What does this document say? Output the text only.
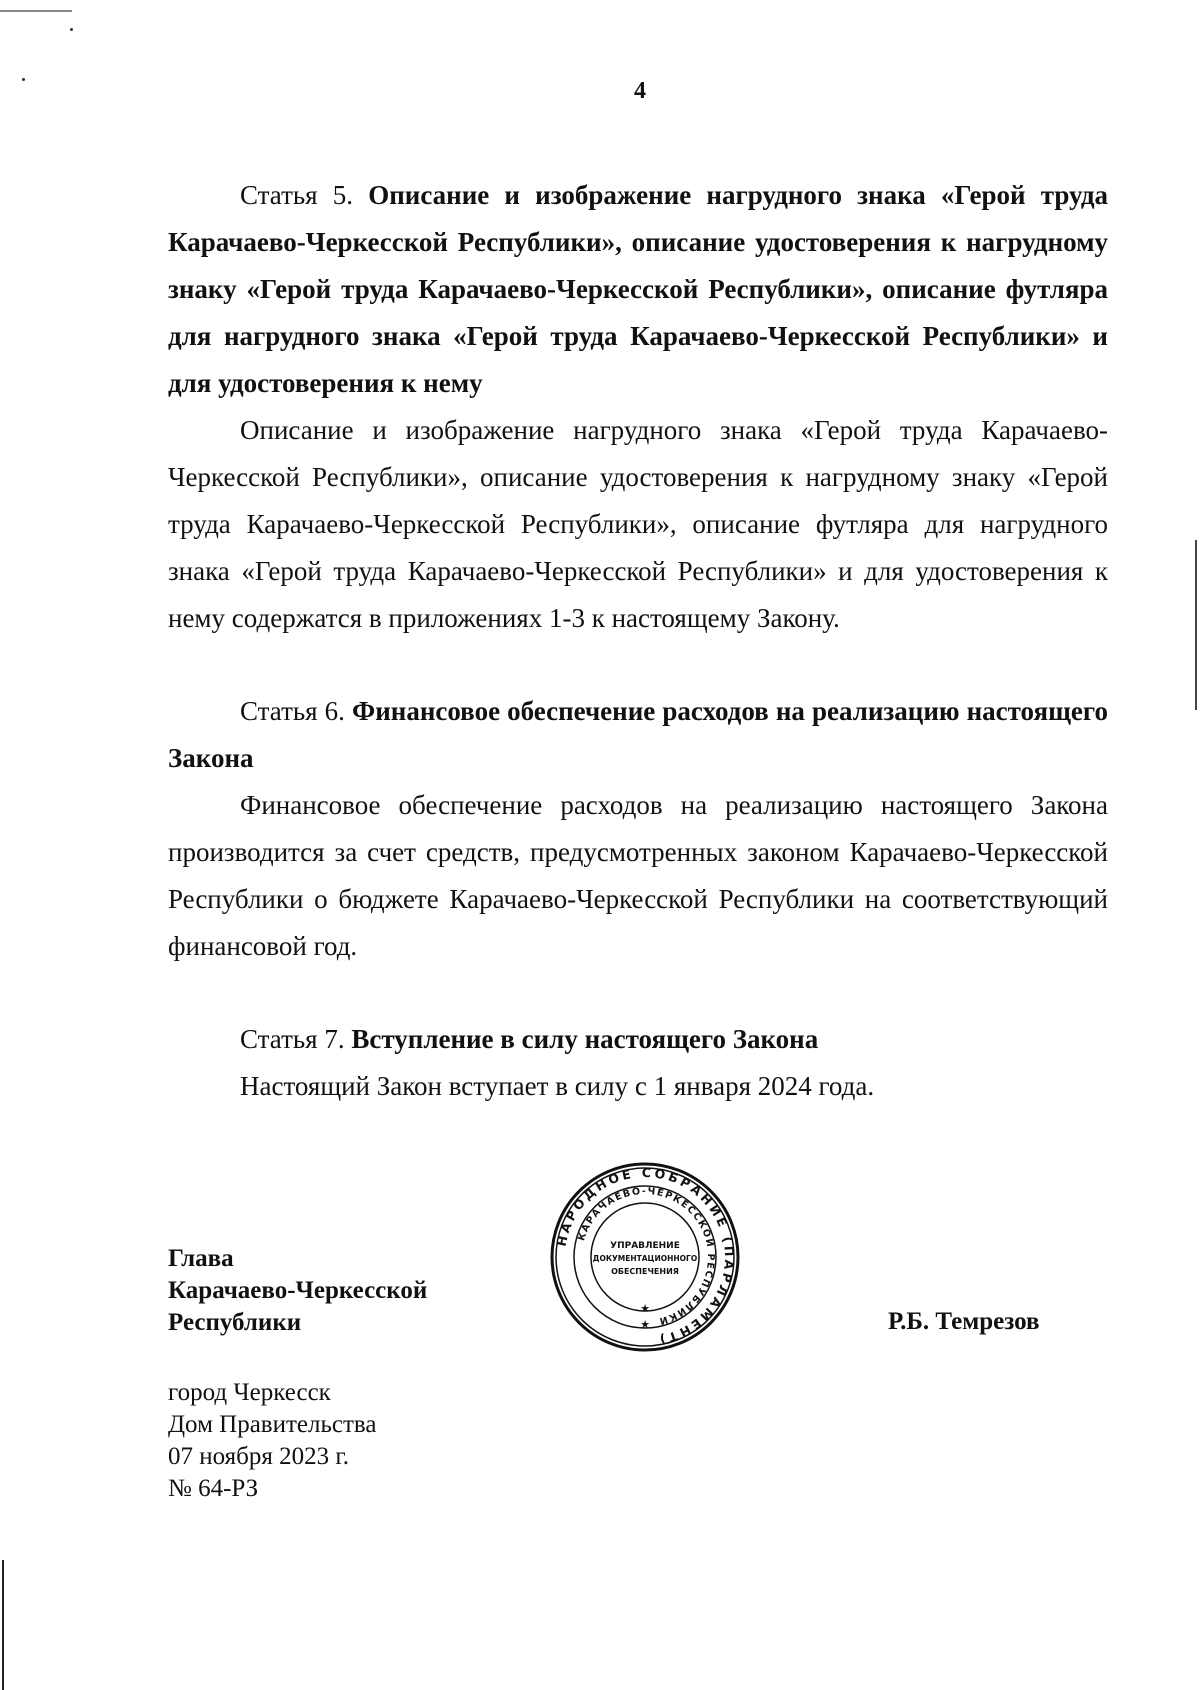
4

Статья 5. Описание и изображение нагрудного знака «Герой труда Карачаево-Черкесской Республики», описание удостоверения к нагрудному знаку «Герой труда Карачаево-Черкесской Республики», описание футляра для нагрудного знака «Герой труда Карачаево-Черкесской Республики» и для удостоверения к нему

Описание и изображение нагрудного знака «Герой труда Карачаево-Черкесской Республики», описание удостоверения к нагрудному знаку «Герой труда Карачаево-Черкесской Республики», описание футляра для нагрудного знака «Герой труда Карачаево-Черкесской Республики» и для удостоверения к нему содержатся в приложениях 1-3 к настоящему Закону.

Статья 6. Финансовое обеспечение расходов на реализацию настоящего Закона

Финансовое обеспечение расходов на реализацию настоящего Закона производится за счет средств, предусмотренных законом Карачаево-Черкесской Республики о бюджете Карачаево-Черкесской Республики на соответствующий финансовой год.

Статья 7. Вступление в силу настоящего Закона

Настоящий Закон вступает в силу с 1 января 2024 года.

Глава
Карачаево-Черкесской
Республики	Р.Б. Темрезов
НАРОДНОЕ СОБРАНИЕ (ПАРЛАМЕНТ)
КАРАЧАЕВО-ЧЕРКЕССКОЙ РЕСПУБЛИКИ
УПРАВЛЕНИЕ
ДОКУМЕНТАЦИОННОГО
ОБЕСПЕЧЕНИЯ
★
★
город Черкесск
Дом Правительства
07 ноября 2023 г.
№ 64-РЗ
